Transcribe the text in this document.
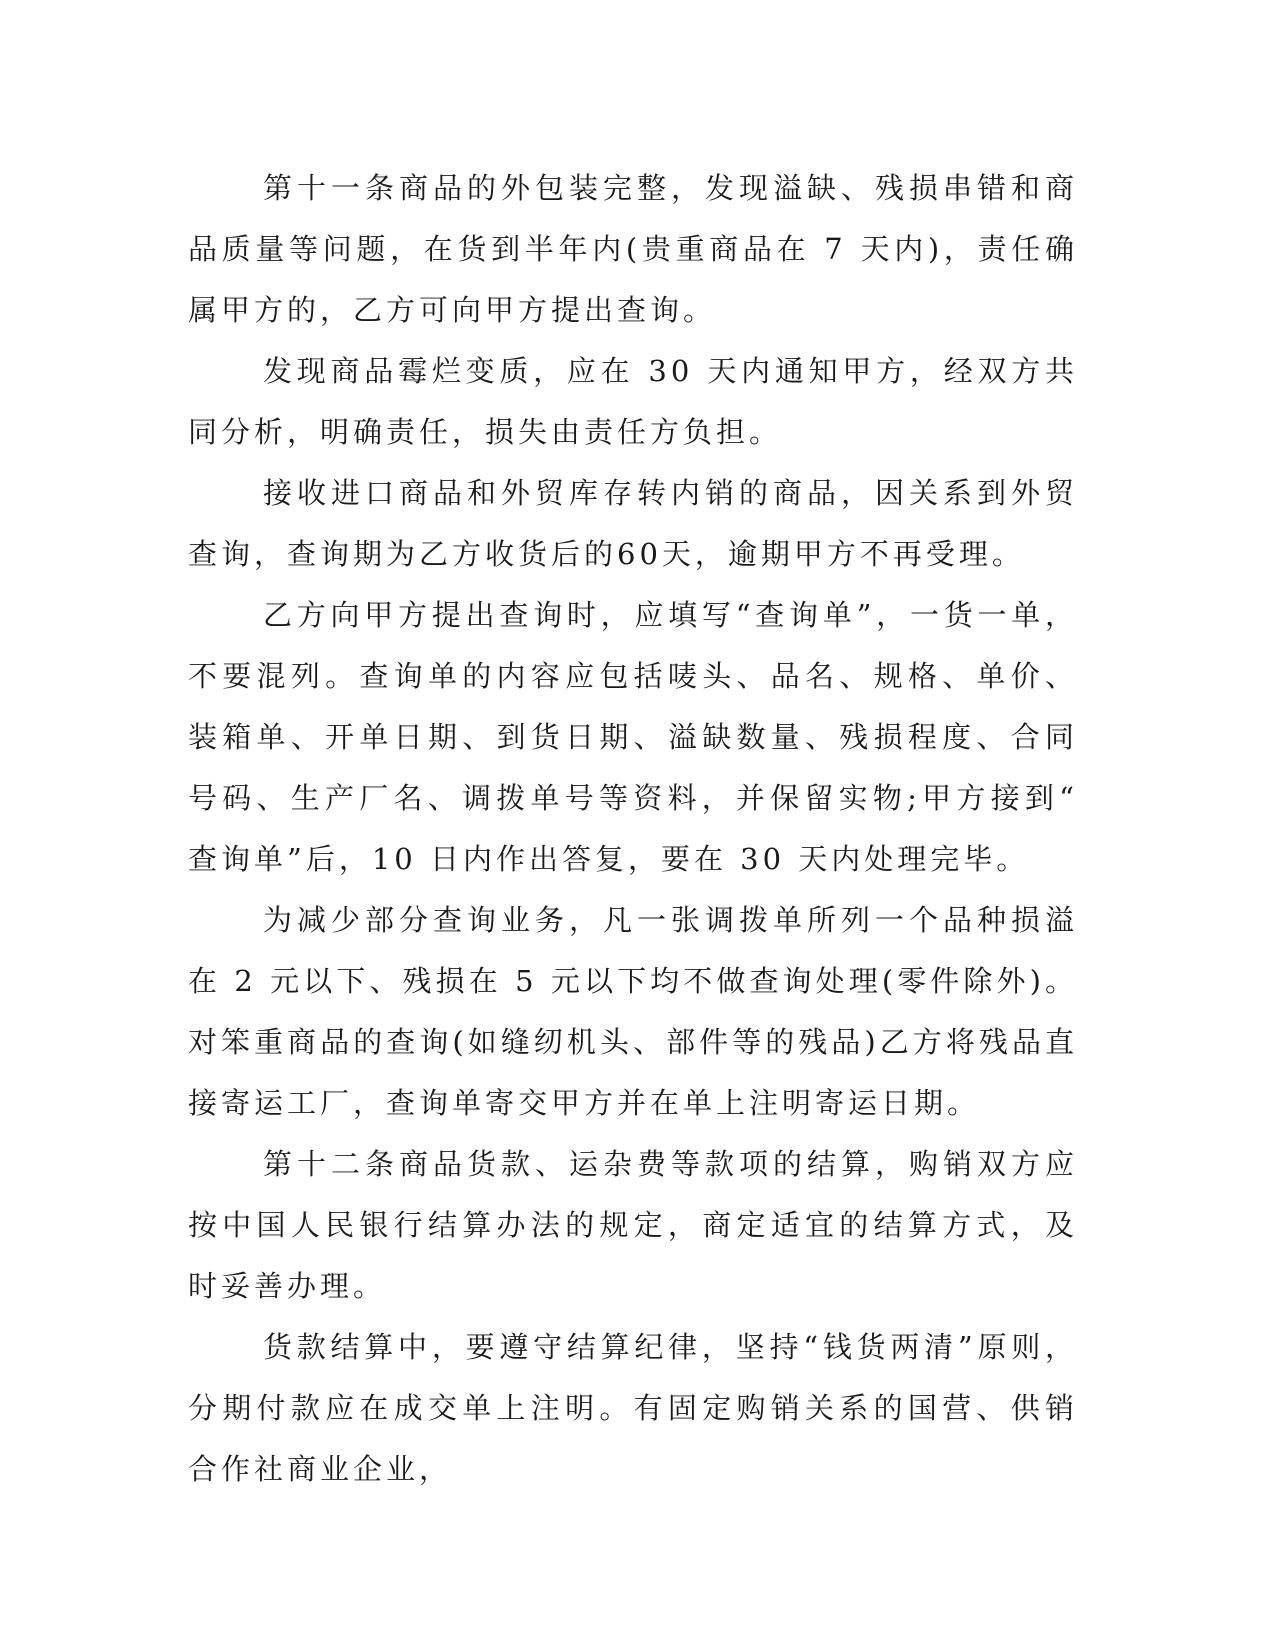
第十一条商品的外包装完整，发现溢缺、残损串错和商品质量等问题，在货到半年内(贵重商品在 7 天内)，责任确属甲方的，乙方可向甲方提出查询。

发现商品霉烂变质，应在 30 天内通知甲方，经双方共同分析，明确责任，损失由责任方负担。

接收进口商品和外贸库存转内销的商品，因关系到外贸查询，查询期为乙方收货后的60天，逾期甲方不再受理。

乙方向甲方提出查询时，应填写“查询单”，一货一单，不要混列。查询单的内容应包括唛头、品名、规格、单价、装箱单、开单日期、到货日期、溢缺数量、残损程度、合同号码、生产厂名、调拨单号等资料，并保留实物;甲方接到“查询单”后，10 日内作出答复，要在 30 天内处理完毕。

为减少部分查询业务，凡一张调拨单所列一个品种损溢在 2 元以下、残损在 5 元以下均不做查询处理(零件除外)。对笨重商品的查询(如缝纫机头、部件等的残品)乙方将残品直接寄运工厂，查询单寄交甲方并在单上注明寄运日期。

第十二条商品货款、运杂费等款项的结算，购销双方应按中国人民银行结算办法的规定，商定适宜的结算方式，及时妥善办理。

货款结算中，要遵守结算纪律，坚持“钱货两清”原则，分期付款应在成交单上注明。有固定购销关系的国营、供销合作社商业企业，
